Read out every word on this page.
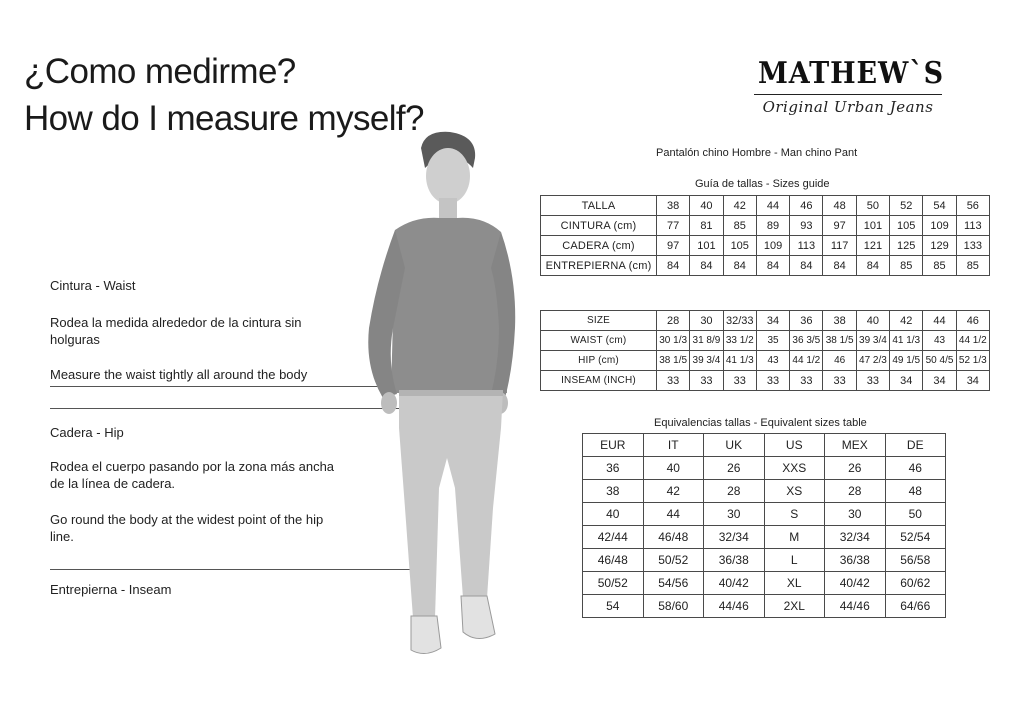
¿Como medirme?
How do I measure myself?
MATHEW`S
Original Urban Jeans
Pantalón chino Hombre - Man chino Pant
Guía de tallas - Sizes guide
Equivalencias tallas - Equivalent sizes table
TALLA	38	40	42	44	46	48	50	52	54	56
CINTURA (cm)	77	81	85	89	93	97	101	105	109	113
CADERA (cm)	97	101	105	109	113	117	121	125	129	133
ENTREPIERNA (cm)	84	84	84	84	84	84	84	85	85	85
SIZE	28	30	32/33	34	36	38	40	42	44	46
WAIST (cm)	30 1/3	31 8/9	33 1/2	35	36 3/5	38 1/5	39 3/4	41 1/3	43	44 1/2
HIP (cm)	38 1/5	39 3/4	41 1/3	43	44 1/2	46	47 2/3	49 1/5	50 4/5	52 1/3
INSEAM (INCH)	33	33	33	33	33	33	33	34	34	34
EUR	IT	UK	US	MEX	DE
36	40	26	XXS	26	46
38	42	28	XS	28	48
40	44	30	S	30	50
42/44	46/48	32/34	M	32/34	52/54
46/48	50/52	36/38	L	36/38	56/58
50/52	54/56	40/42	XL	40/42	60/62
54	58/60	44/46	2XL	44/46	64/66
Cintura - Waist
Rodea la medida alrededor de la cintura sin holguras
Measure the waist tightly all around the body
Cadera - Hip
Rodea el cuerpo pasando por la zona más ancha de la línea de cadera.
Go round the body at the widest point of the hip line.
Entrepierna - Inseam
